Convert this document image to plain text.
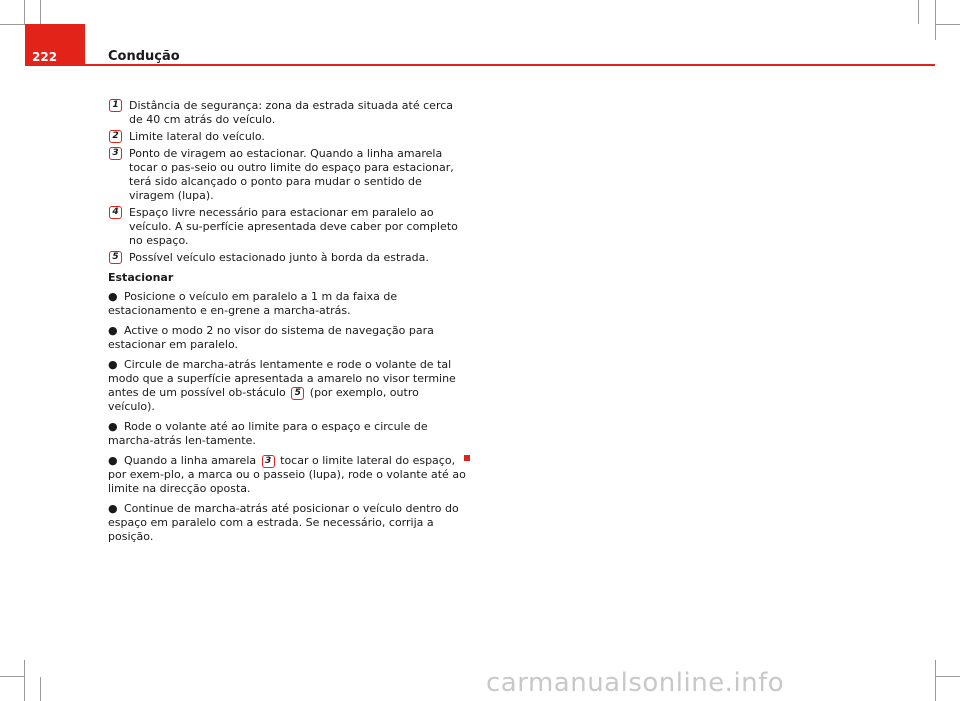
222	Condução
1 Distância de segurança: zona da estrada situada até cerca de 40 cm atrás do veículo.
2 Limite lateral do veículo.
3 Ponto de viragem ao estacionar. Quando a linha amarela tocar o pas-seio ou outro limite do espaço para estacionar, terá sido alcançado o ponto para mudar o sentido de viragem (lupa).
4 Espaço livre necessário para estacionar em paralelo ao veículo. A su-perfície apresentada deve caber por completo no espaço.
5 Possível veículo estacionado junto à borda da estrada.
Estacionar
● Posicione o veículo em paralelo a 1 m da faixa de estacionamento e en-grene a marcha-atrás.
● Active o modo 2 no visor do sistema de navegação para estacionar em paralelo.
● Circule de marcha-atrás lentamente e rode o volante de tal modo que a superfície apresentada a amarelo no visor termine antes de um possível ob-stáculo 5 (por exemplo, outro veículo).
● Rode o volante até ao limite para o espaço e circule de marcha-atrás len-tamente.
● Quando a linha amarela 3 tocar o limite lateral do espaço, por exem-plo, a marca ou o passeio (lupa), rode o volante até ao limite na direcção oposta.
● Continue de marcha-atrás até posicionar o veículo dentro do espaço em paralelo com a estrada. Se necessário, corrija a posição.
carmanualsonline.info
